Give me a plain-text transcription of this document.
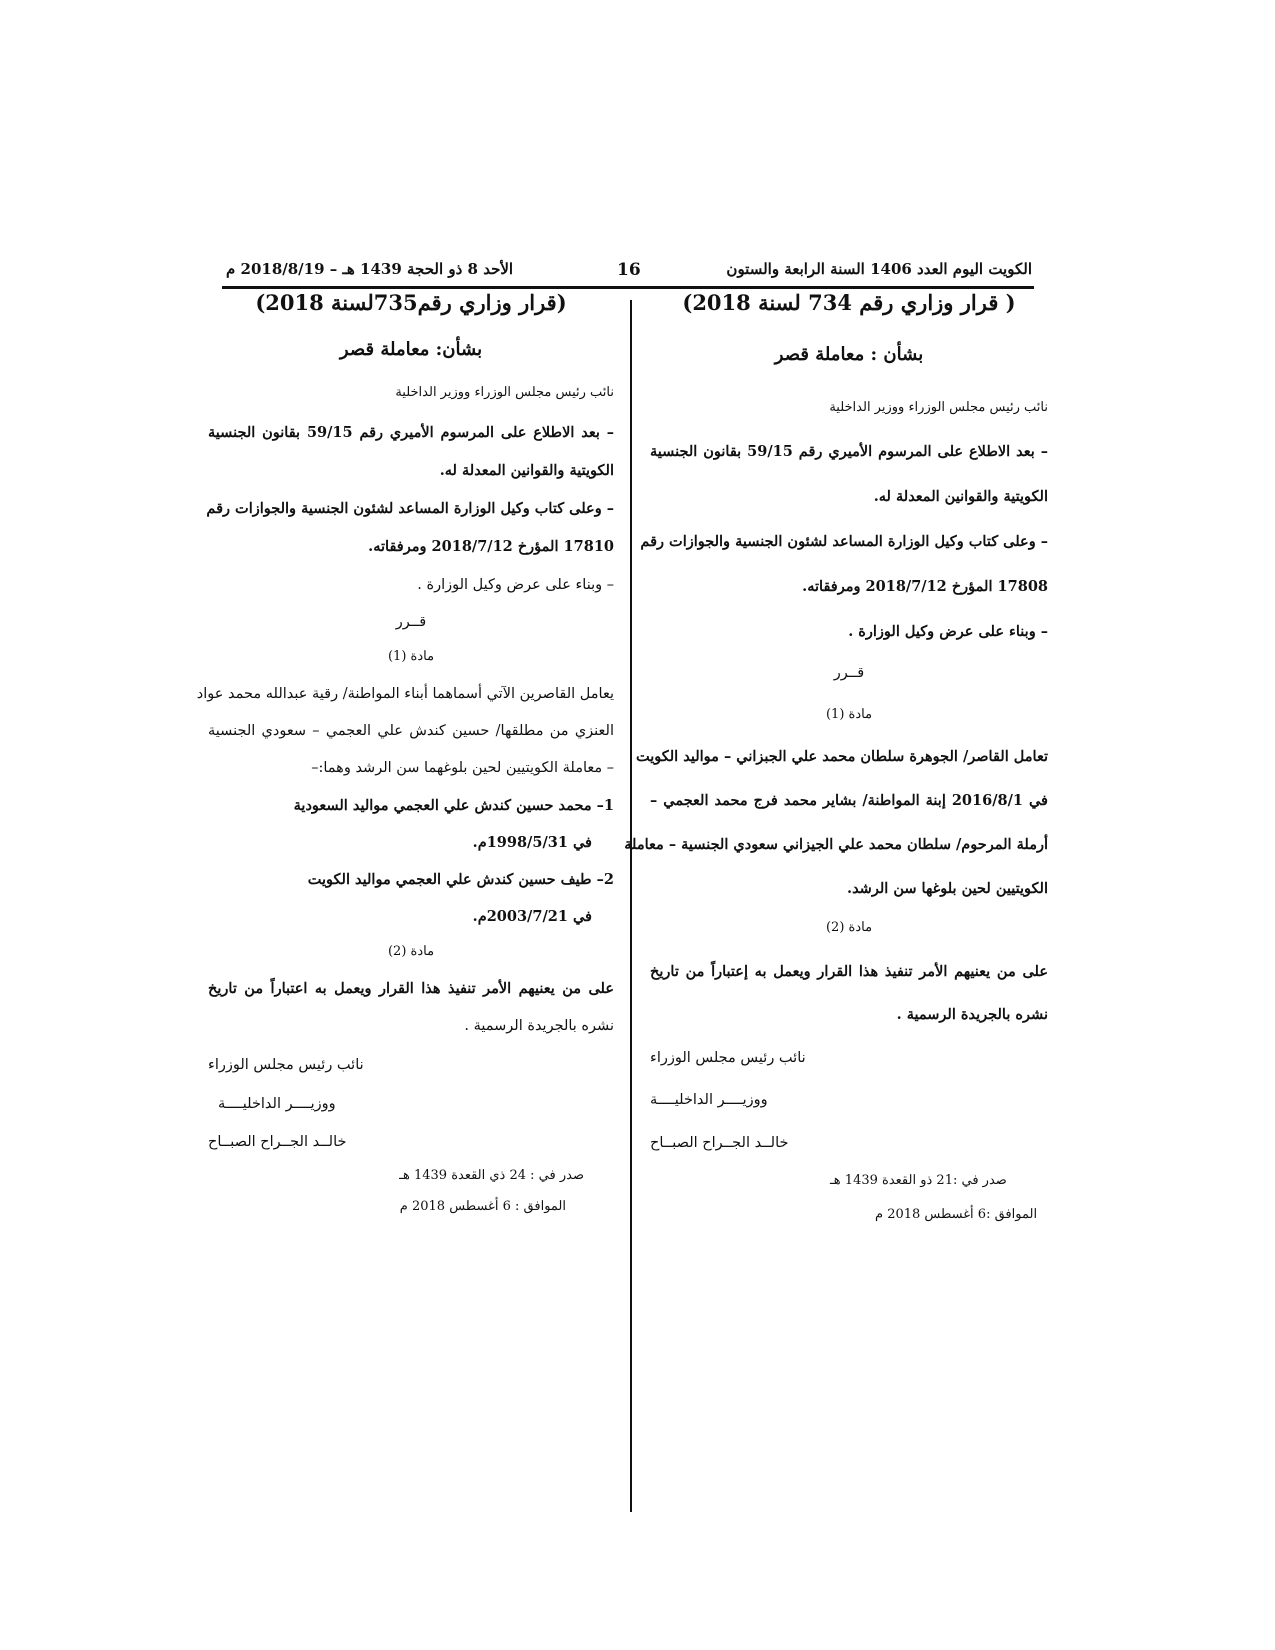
الكويت اليوم العدد 1406 السنة الرابعة والستون
16
الأحد 8 ذو الحجة 1439 هـ – 2018/8/19 م
( قرار وزاري رقم 734 لسنة 2018)
بشأن : معاملة قصر
نائب رئيس مجلس الوزراء ووزير الداخلية
– بعد الاطلاع على المرسوم الأميري رقم 59/15 بقانون الجنسية
الكويتية والقوانين المعدلة له.
– وعلى كتاب وكيل الوزارة المساعد لشئون الجنسية والجوازات رقم
17808 المؤرخ 2018/7/12 ومرفقاته.
– وبناء على عرض وكيل الوزارة .
قــرر
مادة (1)
تعامل القاصر/ الجوهرة سلطان محمد علي الجبزاني – مواليد الكويت
في 2016/8/1 إبنة المواطنة/ بشاير محمد فرج محمد العجمي –
أرملة المرحوم/ سلطان محمد علي الجيزاني سعودي الجنسية – معاملة
الكويتيين لحين بلوغها سن الرشد.
مادة (2)
على من يعنيهم الأمر تنفيذ هذا القرار ويعمل به إعتباراً من تاريخ
نشره بالجريدة الرسمية .
نائب رئيس مجلس الوزراء
ووزيــــر الداخليــــة
خالــد الجــراح الصبــاح
صدر في :21 ذو القعدة 1439 هـ
الموافق :6 أغسطس 2018 م
(قرار وزاري رقم735لسنة 2018)
بشأن: معاملة قصر
نائب رئيس مجلس الوزراء ووزير الداخلية
– بعد الاطلاع على المرسوم الأميري رقم 59/15 بقانون الجنسية
الكويتية والقوانين المعدلة له.
– وعلى كتاب وكيل الوزارة المساعد لشئون الجنسية والجوازات رقم
17810 المؤرخ 2018/7/12 ومرفقاته.
– وبناء على عرض وكيل الوزارة .
قــرر
مادة (1)
يعامل القاصرين الآتي أسماهما أبناء المواطنة/ رقية عبدالله محمد عواد
العنزي من مطلقها/ حسين كندش علي العجمي – سعودي الجنسية
– معاملة الكويتيين لحين بلوغهما سن الرشد وهما:–
1– محمد حسين كندش علي العجمي مواليد السعودية
في 1998/5/31م.
2– طيف حسين كندش علي العجمي مواليد الكويت
في 2003/7/21م.
مادة (2)
على من يعنيهم الأمر تنفيذ هذا القرار ويعمل به اعتباراً من تاريخ
نشره بالجريدة الرسمية .
نائب رئيس مجلس الوزراء
ووزيــــر الداخليــــة
خالــد الجــراح الصبــاح
صدر في : 24 ذي القعدة 1439 هـ
الموافق : 6 أغسطس 2018 م
